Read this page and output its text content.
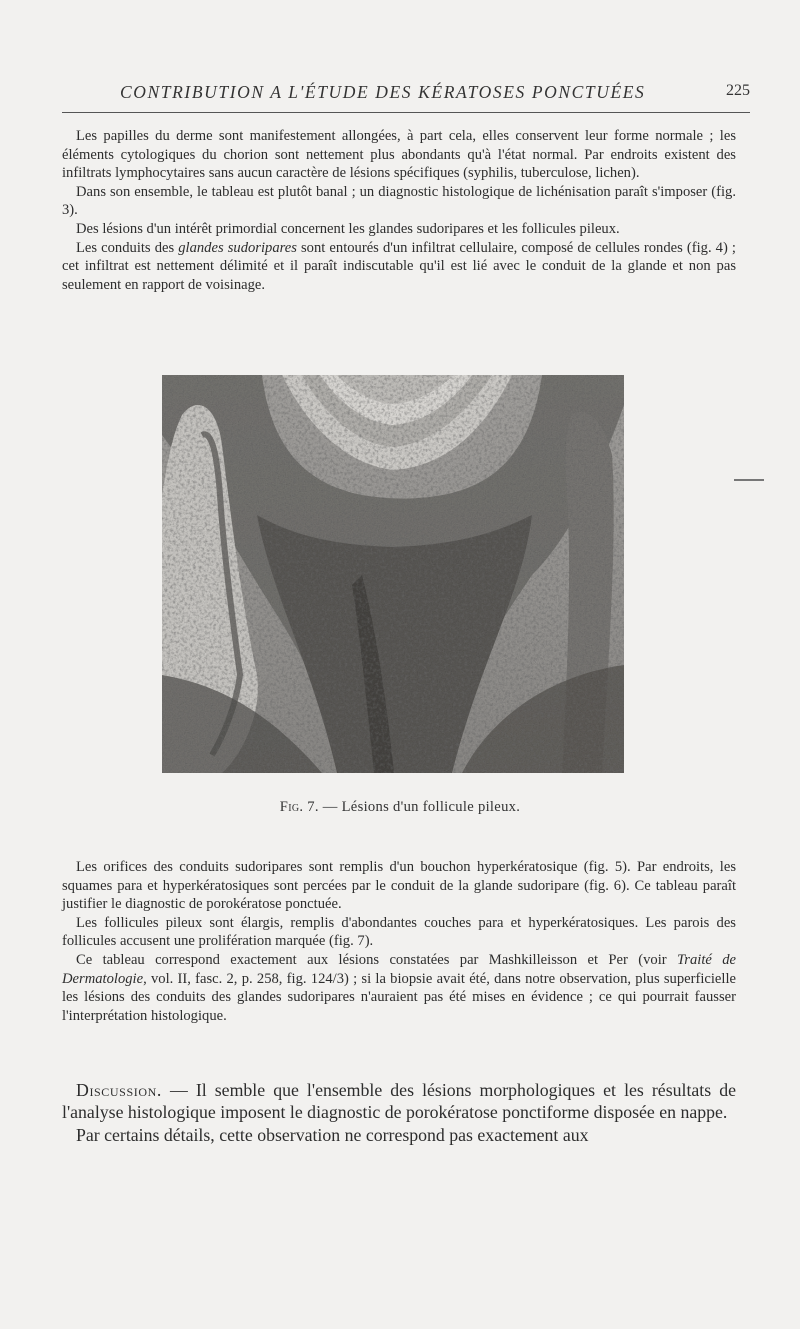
CONTRIBUTION A L'ÉTUDE DES KÉRATOSES PONCTUÉES	225

Les papilles du derme sont manifestement allongées, à part cela, elles conservent leur forme normale ; les éléments cytologiques du chorion sont nettement plus abondants qu'à l'état normal. Par endroits existent des infiltrats lymphocytaires sans aucun caractère de lésions spécifiques (syphilis, tuberculose, lichen).

Dans son ensemble, le tableau est plutôt banal ; un diagnostic histologique de lichénisation paraît s'imposer (fig. 3).

Des lésions d'un intérêt primordial concernent les glandes sudoripares et les follicules pileux.

Les conduits des glandes sudoripares sont entourés d'un infiltrat cellulaire, composé de cellules rondes (fig. 4) ; cet infiltrat est nettement délimité et il paraît indiscutable qu'il est lié avec le conduit de la glande et non pas seulement en rapport de voisinage.

Fig. 7. — Lésions d'un follicule pileux.

Les orifices des conduits sudoripares sont remplis d'un bouchon hyperkératosique (fig. 5). Par endroits, les squames para et hyperkératosiques sont percées par le conduit de la glande sudoripare (fig. 6). Ce tableau paraît justifier le diagnostic de porokératose ponctuée.

Les follicules pileux sont élargis, remplis d'abondantes couches para et hyperkératosiques. Les parois des follicules accusent une prolifération marquée (fig. 7).

Ce tableau correspond exactement aux lésions constatées par Mashkilleisson et Per (voir Traité de Dermatologie, vol. II, fasc. 2, p. 258, fig. 124/3) ; si la biopsie avait été, dans notre observation, plus superficielle les lésions des conduits des glandes sudoripares n'auraient pas été mises en évidence ; ce qui pourrait fausser l'interprétation histologique.

Discussion. — Il semble que l'ensemble des lésions morphologiques et les résultats de l'analyse histologique imposent le diagnostic de porokératose ponctiforme disposée en nappe.

Par certains détails, cette observation ne correspond pas exactement aux
